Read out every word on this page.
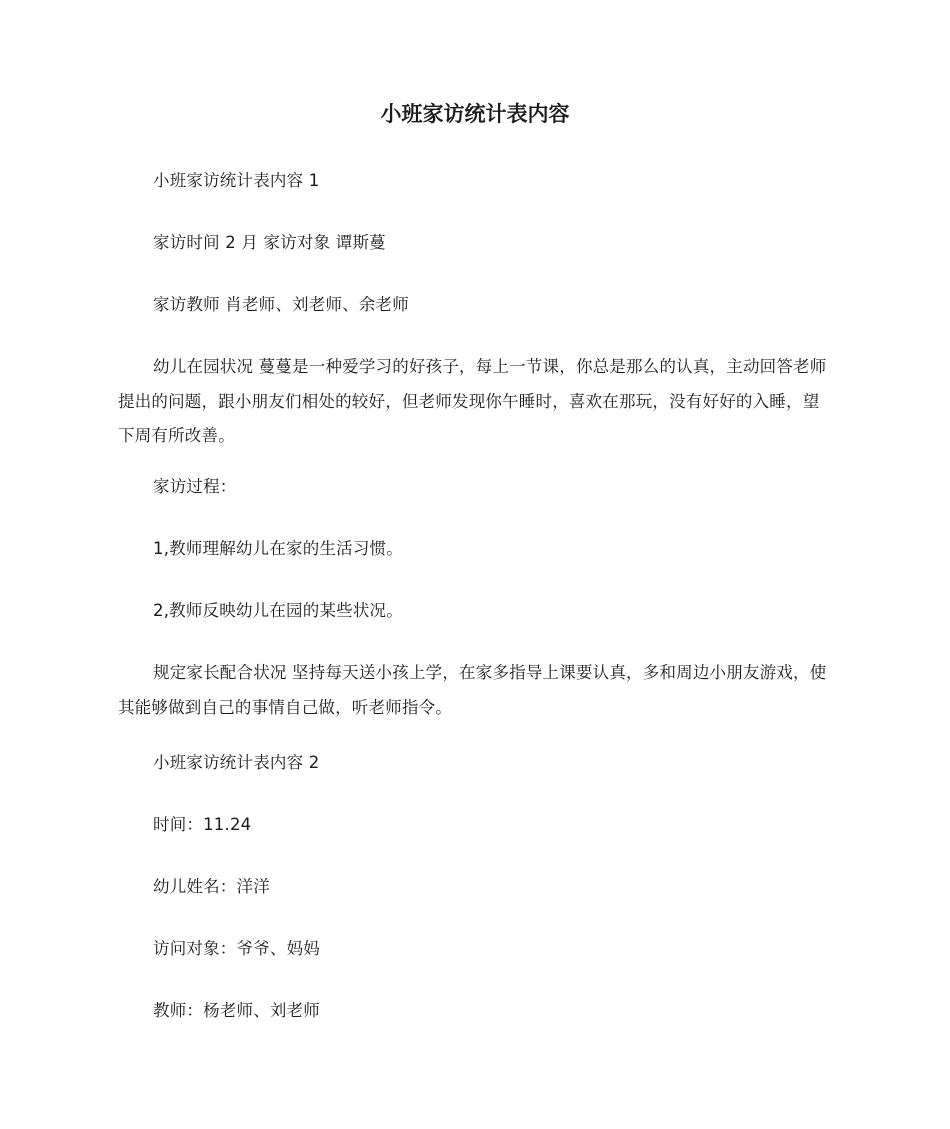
小班家访统计表内容

小班家访统计表内容 1

家访时间 2 月 家访对象 谭斯蔓

家访教师 肖老师、刘老师、余老师

幼儿在园状况 蔓蔓是一种爱学习的好孩子，每上一节课，你总是那么的认真，主动回答老师提出的问题，跟小朋友们相处的较好，但老师发现你午睡时，喜欢在那玩，没有好好的入睡，望下周有所改善。

家访过程：

1,教师理解幼儿在家的生活习惯。

2,教师反映幼儿在园的某些状况。

规定家长配合状况 坚持每天送小孩上学，在家多指导上课要认真，多和周边小朋友游戏，使其能够做到自己的事情自己做，听老师指令。

小班家访统计表内容 2

时间：11.24

幼儿姓名：洋洋

访问对象：爷爷、妈妈

教师：杨老师、刘老师
